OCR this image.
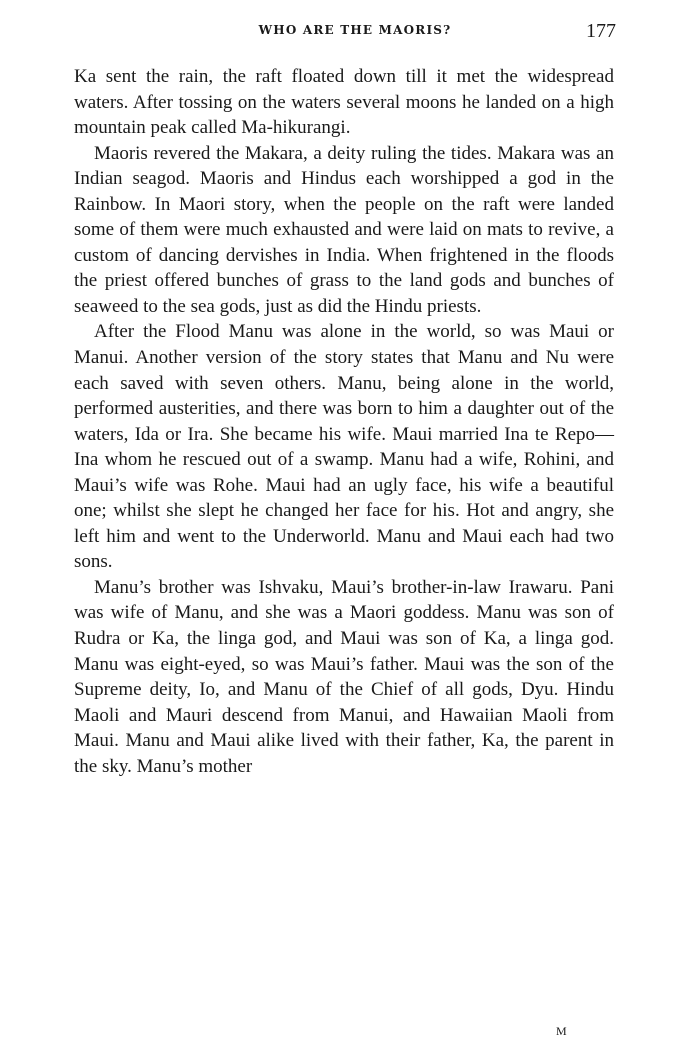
WHO ARE THE MAORIS?	177

Ka sent the rain, the raft floated down till it met the widespread waters. After tossing on the waters several moons he landed on a high mountain peak called Ma-hikurangi.

Maoris revered the Makara, a deity ruling the tides. Makara was an Indian seagod. Maoris and Hindus each worshipped a god in the Rainbow. In Maori story, when the people on the raft were landed some of them were much exhausted and were laid on mats to revive, a custom of dancing dervishes in India. When frightened in the floods the priest offered bunches of grass to the land gods and bunches of seaweed to the sea gods, just as did the Hindu priests.

After the Flood Manu was alone in the world, so was Maui or Manui. Another version of the story states that Manu and Nu were each saved with seven others. Manu, being alone in the world, performed austerities, and there was born to him a daughter out of the waters, Ida or Ira. She became his wife. Maui married Ina te Repo—Ina whom he rescued out of a swamp. Manu had a wife, Rohini, and Maui’s wife was Rohe. Maui had an ugly face, his wife a beautiful one; whilst she slept he changed her face for his. Hot and angry, she left him and went to the Underworld. Manu and Maui each had two sons.

Manu’s brother was Ishvaku, Maui’s brother-in-law Irawaru. Pani was wife of Manu, and she was a Maori goddess. Manu was son of Rudra or Ka, the linga god, and Maui was son of Ka, a linga god. Manu was eight-eyed, so was Maui’s father. Maui was the son of the Supreme deity, Io, and Manu of the Chief of all gods, Dyu. Hindu Maoli and Mauri descend from Manui, and Hawaiian Maoli from Maui. Manu and Maui alike lived with their father, Ka, the parent in the sky. Manu’s mother

M
